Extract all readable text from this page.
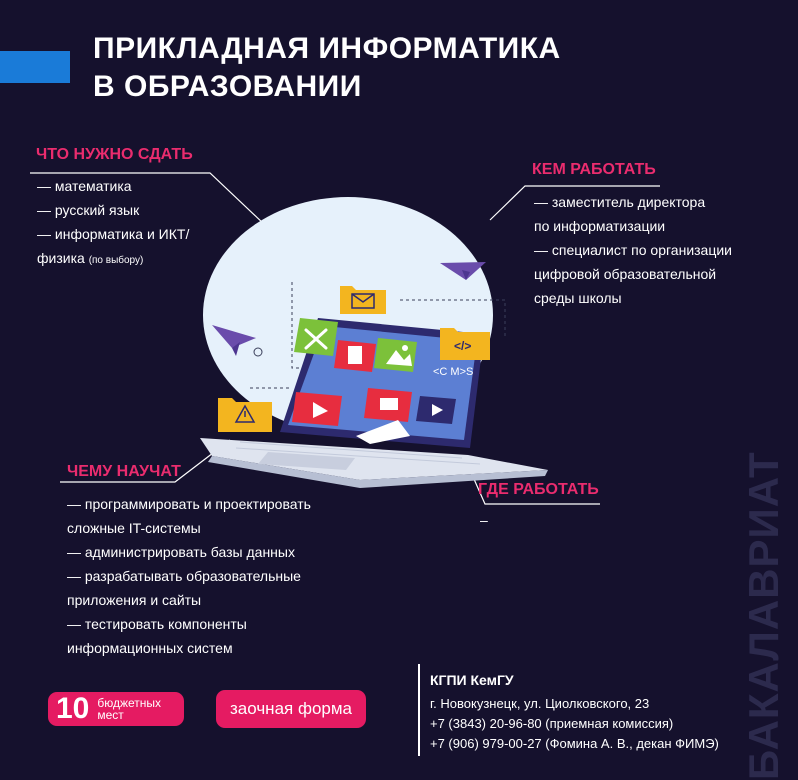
ПРИКЛАДНАЯ ИНФОРМАТИКА
В ОБРАЗОВАНИИ
<C M>S
</>
ЧТО НУЖНО СДАТЬ
— математика
— русский язык
— информатика и ИКТ/
физика (по выбору)
КЕМ РАБОТАТЬ
— заместитель директора
по информатизации
— специалист по организации
цифровой образовательной
среды школы
ЧЕМУ НАУЧАТ
— программировать и проектировать
сложные IT-системы
— администрировать базы данных
— разрабатывать образовательные
приложения и сайты
— тестировать компоненты
информационных систем
ГДЕ РАБОТАТЬ
–
10 бюджетных
мест	заочная форма
КГПИ КемГУ
г. Новокузнецк, ул. Циолковского, 23
+7 (3843) 20-96-80 (приемная комиссия)
+7 (906) 979-00-27 (Фомина А. В., декан ФИМЭ) БАКАЛАВРИАТ
